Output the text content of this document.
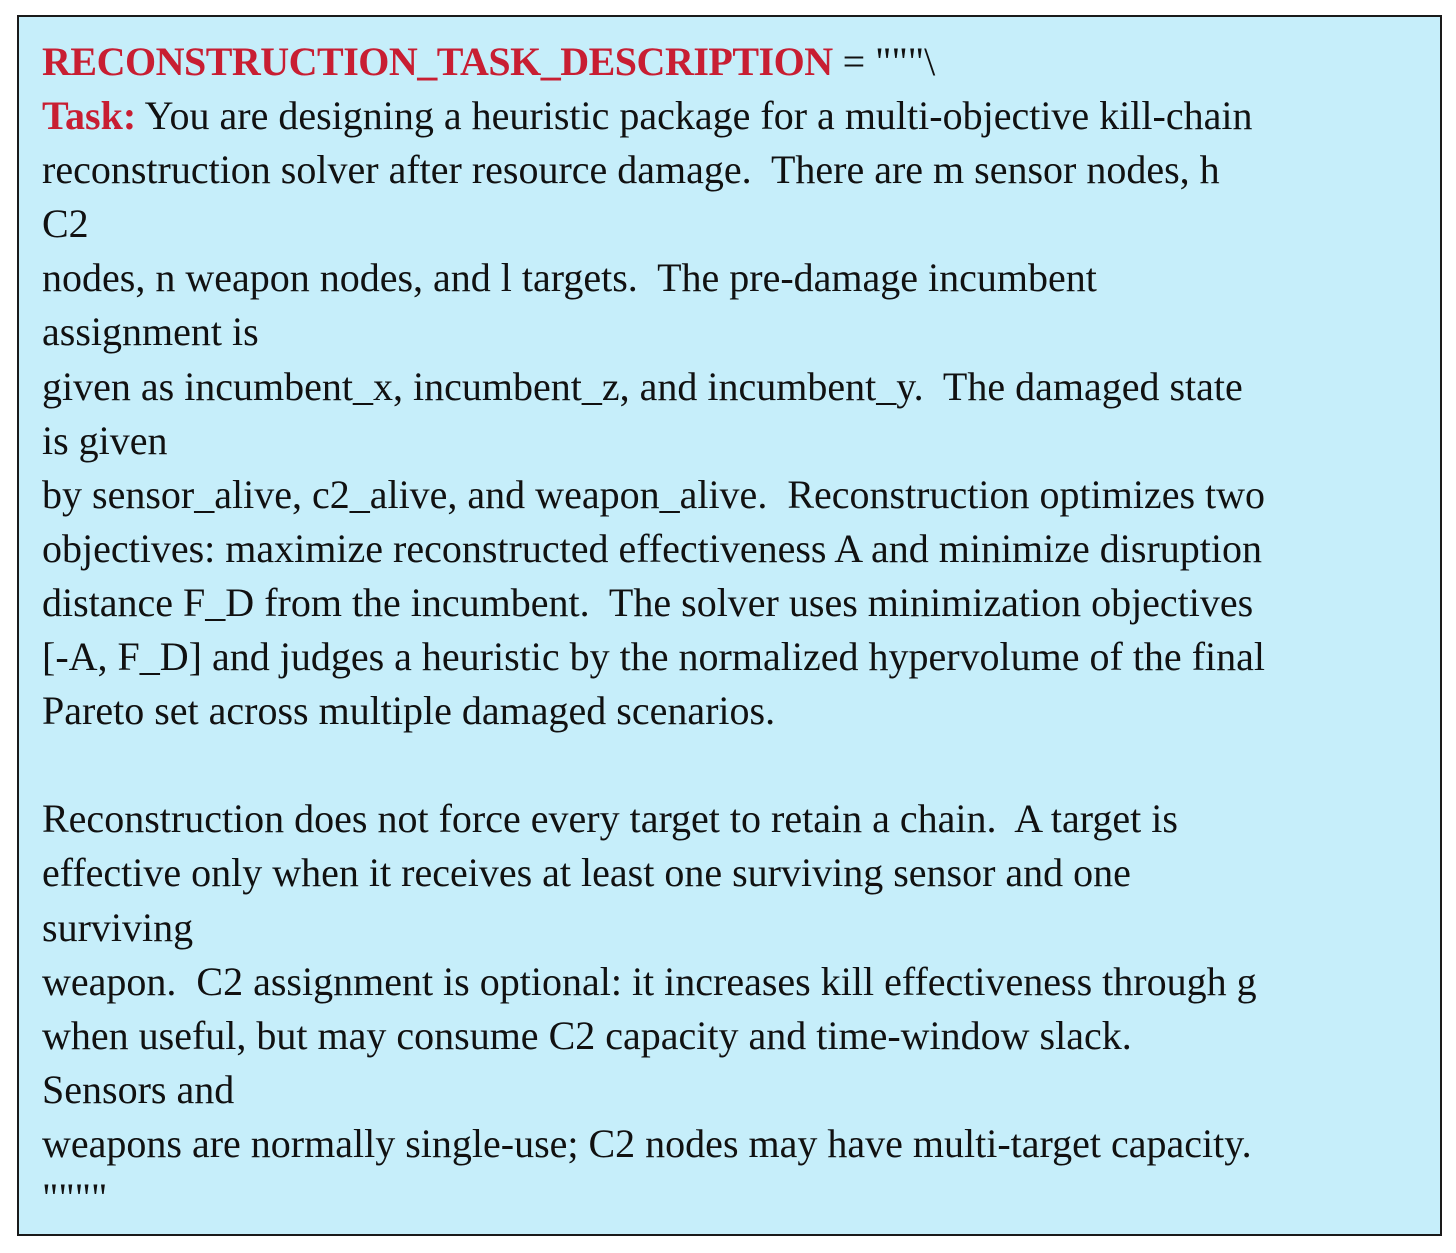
RECONSTRUCTION_TASK_DESCRIPTION = """\
Task: You are designing a heuristic package for a multi-objective kill-chain
reconstruction solver after resource damage.  There are m sensor nodes, h
C2
nodes, n weapon nodes, and l targets.  The pre-damage incumbent
assignment is
given as incumbent_x, incumbent_z, and incumbent_y.  The damaged state
is given
by sensor_alive, c2_alive, and weapon_alive.  Reconstruction optimizes two
objectives: maximize reconstructed effectiveness A and minimize disruption
distance F_D from the incumbent.  The solver uses minimization objectives
[-A, F_D] and judges a heuristic by the normalized hypervolume of the final
Pareto set across multiple damaged scenarios.
Reconstruction does not force every target to retain a chain.  A target is
effective only when it receives at least one surviving sensor and one
surviving
weapon.  C2 assignment is optional: it increases kill effectiveness through g
when useful, but may consume C2 capacity and time-window slack.
Sensors and
weapons are normally single-use; C2 nodes may have multi-target capacity.
""""
